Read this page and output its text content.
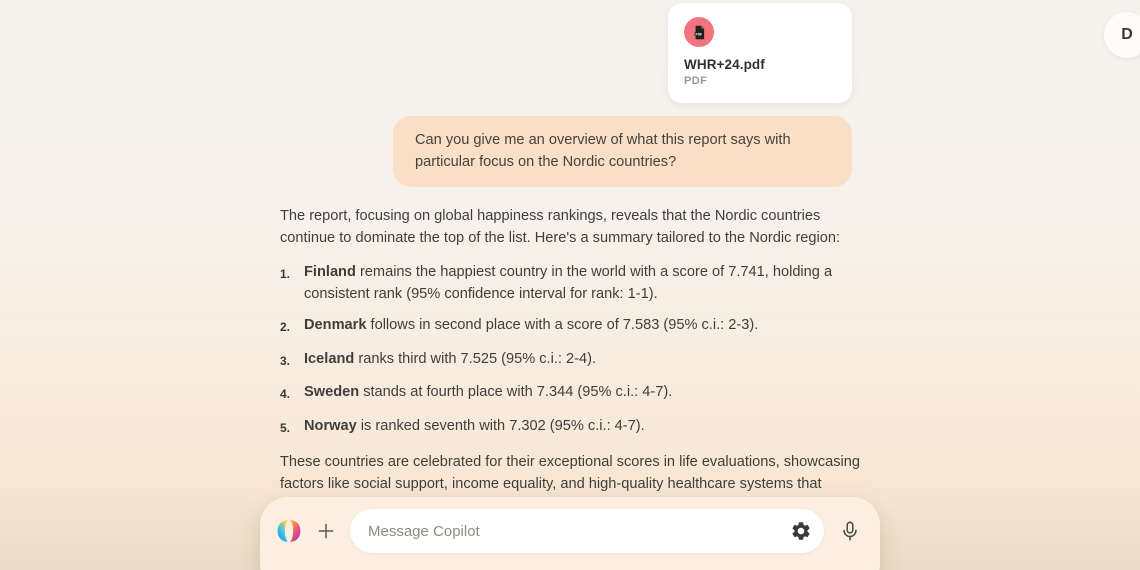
PDF
WHR+24.pdf
PDF
D
Can you give me an overview of what this report says with particular focus on the Nordic countries?

The report, focusing on global happiness rankings, reveals that the Nordic countries continue to dominate the top of the list. Here's a summary tailored to the Nordic region:

1. Finland remains the happiest country in the world with a score of 7.741, holding a consistent rank (95% confidence interval for rank: 1-1).
2. Denmark follows in second place with a score of 7.583 (95% c.i.: 2-3).
3. Iceland ranks third with 7.525 (95% c.i.: 2-4).
4. Sweden stands at fourth place with 7.344 (95% c.i.: 4-7).
5. Norway is ranked seventh with 7.302 (95% c.i.: 4-7).

These countries are celebrated for their exceptional scores in life evaluations, showcasing factors like social support, income equality, and high-quality healthcare systems that

Message Copilot
